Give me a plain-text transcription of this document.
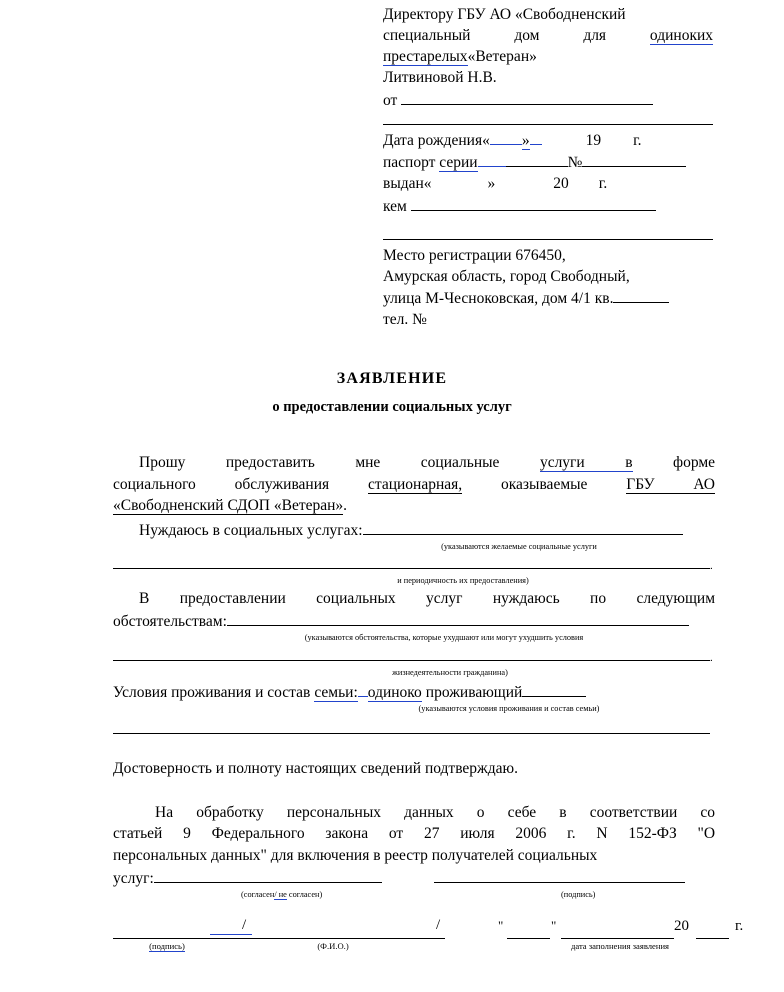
Директору ГБУ АО «Свободненский
специальный	дом	для	одиноких
престарелых«Ветеран»
Литвиновой Н.В.
от
Дата рождения« »	19 г.
паспорт серии	№
выдан«	»	20 г.
кем
Место регистрации 676450,
Амурская область, город Свободный,
улица М-Чесноковская, дом 4/1 кв.
тел. №
ЗАЯВЛЕНИЕ
о предоставлении социальных услуг
Прошу	предоставить	мне	социальные	услуги в	форме
социального	обслуживания	стационарная,	оказываемые	ГБУ АО
«Свободненский СДОП «Ветеран».
Нуждаюсь в социальных услугах:
(указываются желаемые социальные услуги
.
и периодичность их предоставления)
В предоставлении социальных услуг нуждаюсь по следующим
обстоятельствам:
(указываются обстоятельства, которые ухудшают или могут ухудшить условия
.
жизнедеятельности гражданина)
Условия проживания и состав семьи: одиноко проживающий
(указываются условия проживания и состав семьи)
Достоверность и полноту настоящих сведений подтверждаю.
На обработку персональных данных о себе в соответствии со
статьей 9 Федерального закона от 27 июля 2006 г. N 152-ФЗ "О
персональных данных" для включения в реестр получателей социальных
услуг:
(согласен/ не согласен)	(подпись)
/	/
(подпись)	(Ф.И.О.)
"	"	20	г.
дата заполнения заявления
